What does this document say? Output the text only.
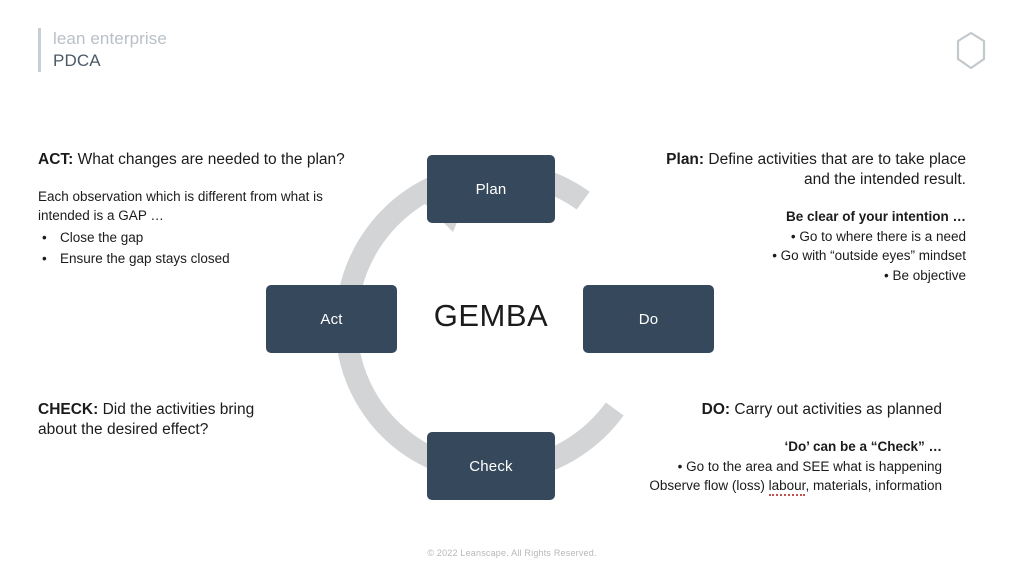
lean enterprise
PDCA
Plan
Do
Check
Act	GEMBA
ACT: What changes are needed to the plan?
Each observation which is different from what is
intended is a GAP …
• Close the gap
• Ensure the gap stays closed
CHECK: Did the activities bring
about the desired effect?
Plan: Define activities that are to take place
and the intended result.
Be clear of your intention …
• Go to where there is a need
• Go with “outside eyes” mindset
• Be objective
DO: Carry out activities as planned
‘Do’ can be a “Check” …
• Go to the area and SEE what is happening
Observe flow (loss) labour, materials, information
© 2022 Leanscape. All Rights Reserved.
